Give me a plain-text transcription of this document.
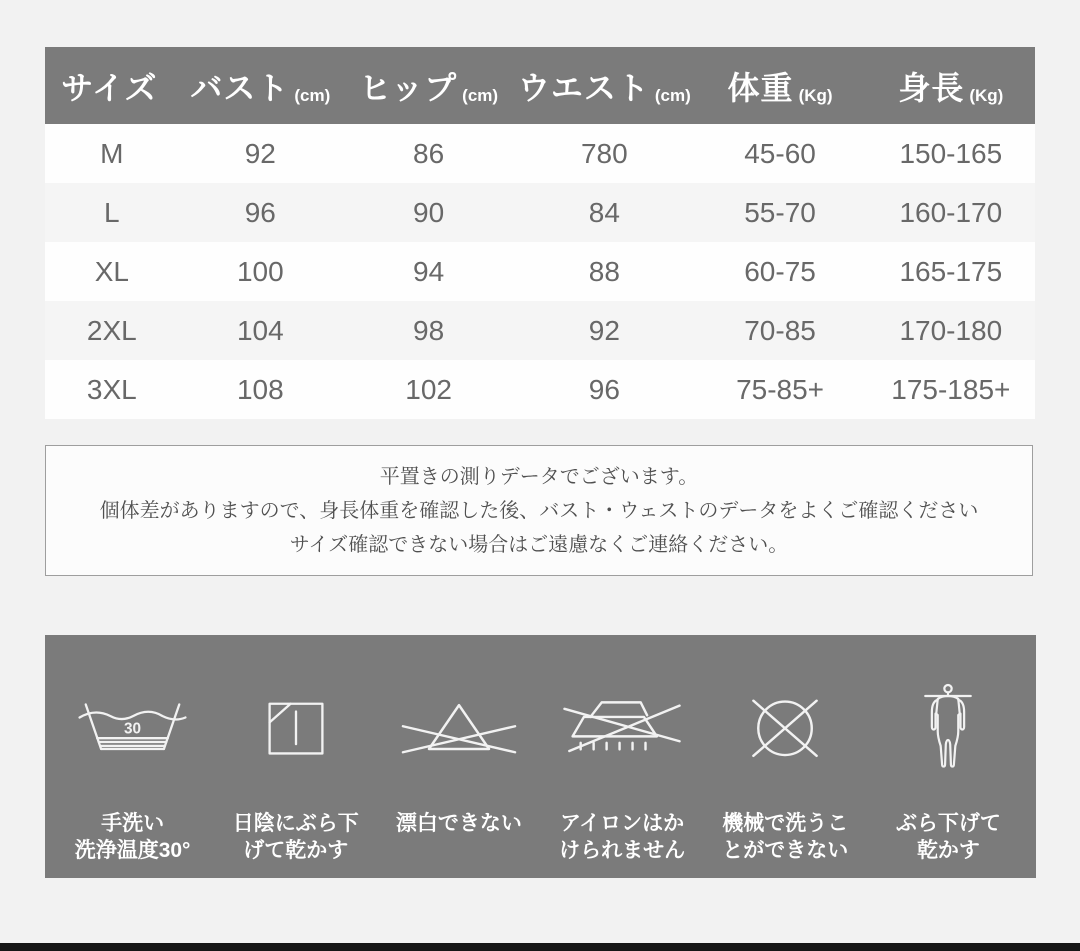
サイズ バスト (cm) ヒップ (cm) ウエスト (cm) 体重 (Kg) 身長 (Kg)
M	92	86	780	45-60	150-165
L	96	90	84	55-70	160-170
XL	100	94	88	60-75	165-175
2XL	104	98	92	70-85	170-180
3XL	108	102	96	75-85+	175-185+
平置きの測りデータでございます。
個体差がありますので、身長体重を確認した後、バスト・ウェストのデータをよくご確認ください
サイズ確認できない場合はご遠慮なくご連絡ください。
30
手洗い
洗浄温度30°
日陰にぶら下
げて乾かす
漂白できない アイロンはか
けられません
機械で洗うこ
とができない
ぶら下げて
乾かす
